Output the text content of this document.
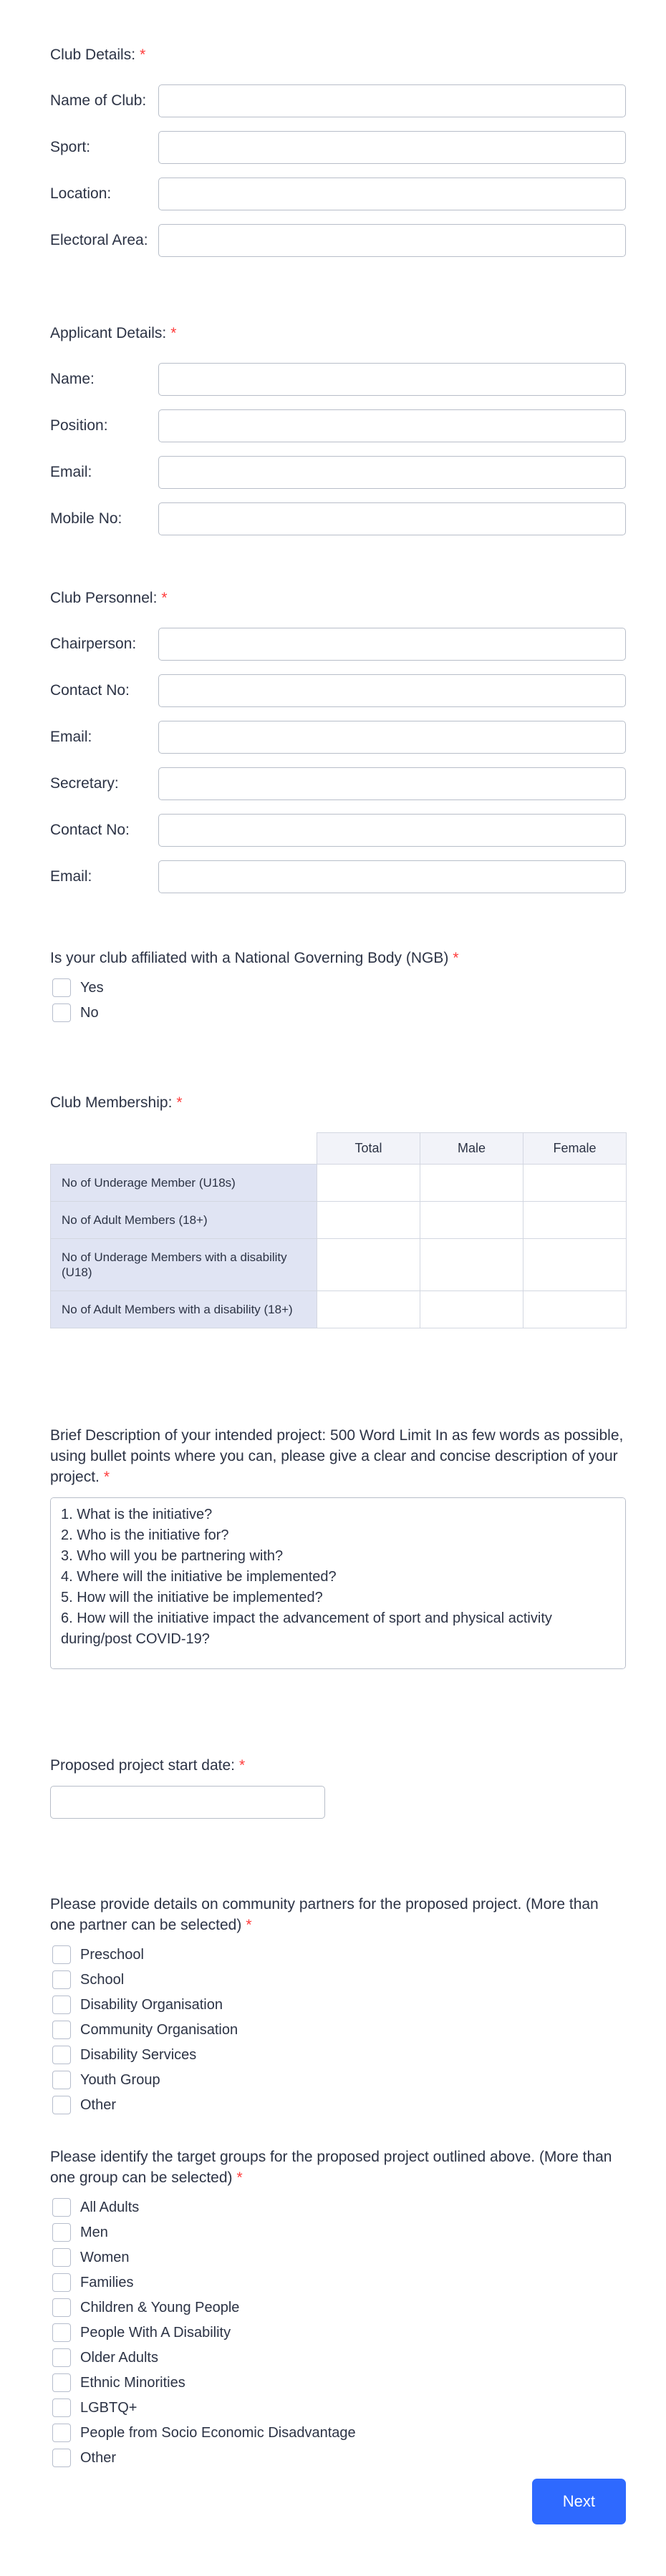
Club Details: *
Name of Club:
Sport:
Location:
Electoral Area:
Applicant Details: *
Name:
Position:
Email:
Mobile No:
Club Personnel: *
Chairperson:
Contact No:
Email:
Secretary:
Contact No:
Email:
Is your club affiliated with a National Governing Body (NGB) *
Yes
No
Club Membership: *
	Total	Male	Female
No of Underage Member (U18s)	

No of Adult Members (18+)	

No of Underage Members with a disability (U18)	

No of Adult Members with a disability (18+)	

Brief Description of your intended project: 500 Word Limit In as few words as possible, using bullet points where you can, please give a clear and concise description of your project. *
1. What is the initiative? 2. Who is the initiative for? 3. Who will you be partnering with? 4. Where will the initiative be implemented? 5. How will the initiative be implemented? 6. How will the initiative impact the advancement of sport and physical activity during/post COVID-19?
Proposed project start date: *
Please provide details on community partners for the proposed project. (More than one partner can be selected) *
Preschool
School
Disability Organisation
Community Organisation
Disability Services
Youth Group
Other
Please identify the target groups for the proposed project outlined above. (More than one group can be selected) *
All Adults
Men
Women
Families
Children & Young People
People With A Disability
Older Adults
Ethnic Minorities
LGBTQ+
People from Socio Economic Disadvantage
Other
Next
